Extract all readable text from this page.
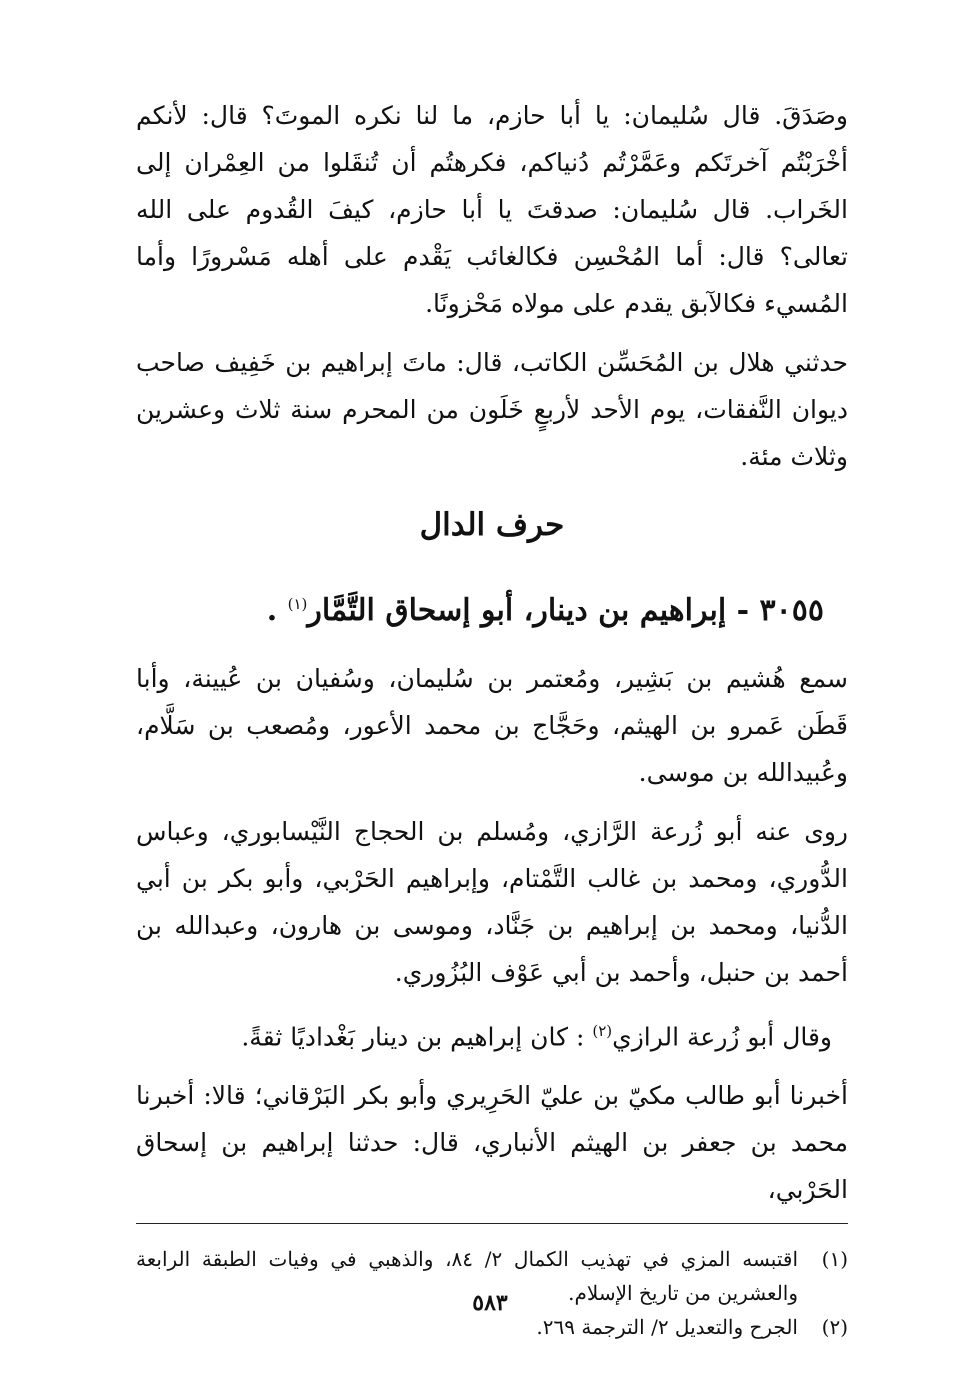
وصَدَقَ. قال سُليمان: يا أبا حازم، ما لنا نكره الموتَ؟ قال: لأنكم أخْرَبْتُم آخرتَكم وعَمَّرْتُم دُنياكم، فكرهتُم أن تُنقَلوا من العِمْران إلى الخَراب. قال سُليمان: صدقتَ يا أبا حازم، كيفَ القُدوم على الله تعالى؟ قال: أما المُحْسِن فكالغائب يَقْدم على أهله مَسْرورًا وأما المُسيء فكالآبق يقدم على مولاه مَحْزونًا.

حدثني هلال بن المُحَسِّن الكاتب، قال: ماتَ إبراهيم بن خَفِيف صاحب ديوان النَّفقات، يوم الأحد لأربعٍ خَلَون من المحرم سنة ثلاث وعشرين وثلاث مئة.

حرف الدال
٣٠٥٥ - إبراهيم بن دينار، أبو إسحاق التَّمَّار$^{(١)}$ .

سمع هُشيم بن بَشِير، ومُعتمر بن سُليمان، وسُفيان بن عُيينة، وأبا قَطَن عَمرو بن الهيثم، وحَجَّاج بن محمد الأعور، ومُصعب بن سَلَّام، وعُبيدالله بن موسى.

روى عنه أبو زُرعة الرَّازي، ومُسلم بن الحجاج النَّيْسابوري، وعباس الدُّوري، ومحمد بن غالب التَّمْتام، وإبراهيم الحَرْبي، وأبو بكر بن أبي الدُّنيا، ومحمد بن إبراهيم بن جَنَّاد، وموسى بن هارون، وعبدالله بن أحمد بن حنبل، وأحمد بن أبي عَوْف البُزُوري.

وقال أبو زُرعة الرازي$^{(٢)}$ : كان إبراهيم بن دينار بَغْداديًا ثقةً.

أخبرنا أبو طالب مكيّ بن عليّ الحَرِيري وأبو بكر البَرْقاني؛ قالا: أخبرنا محمد بن جعفر بن الهيثم الأنباري، قال: حدثنا إبراهيم بن إسحاق الحَرْبي،

(١)
اقتبسه المزي في تهذيب الكمال ٢/ ٨٤، والذهبي في وفيات الطبقة الرابعة والعشرين من تاريخ الإسلام.
(٢)
الجرح والتعديل ٢/ الترجمة ٢٦٩.
٥٨٣
